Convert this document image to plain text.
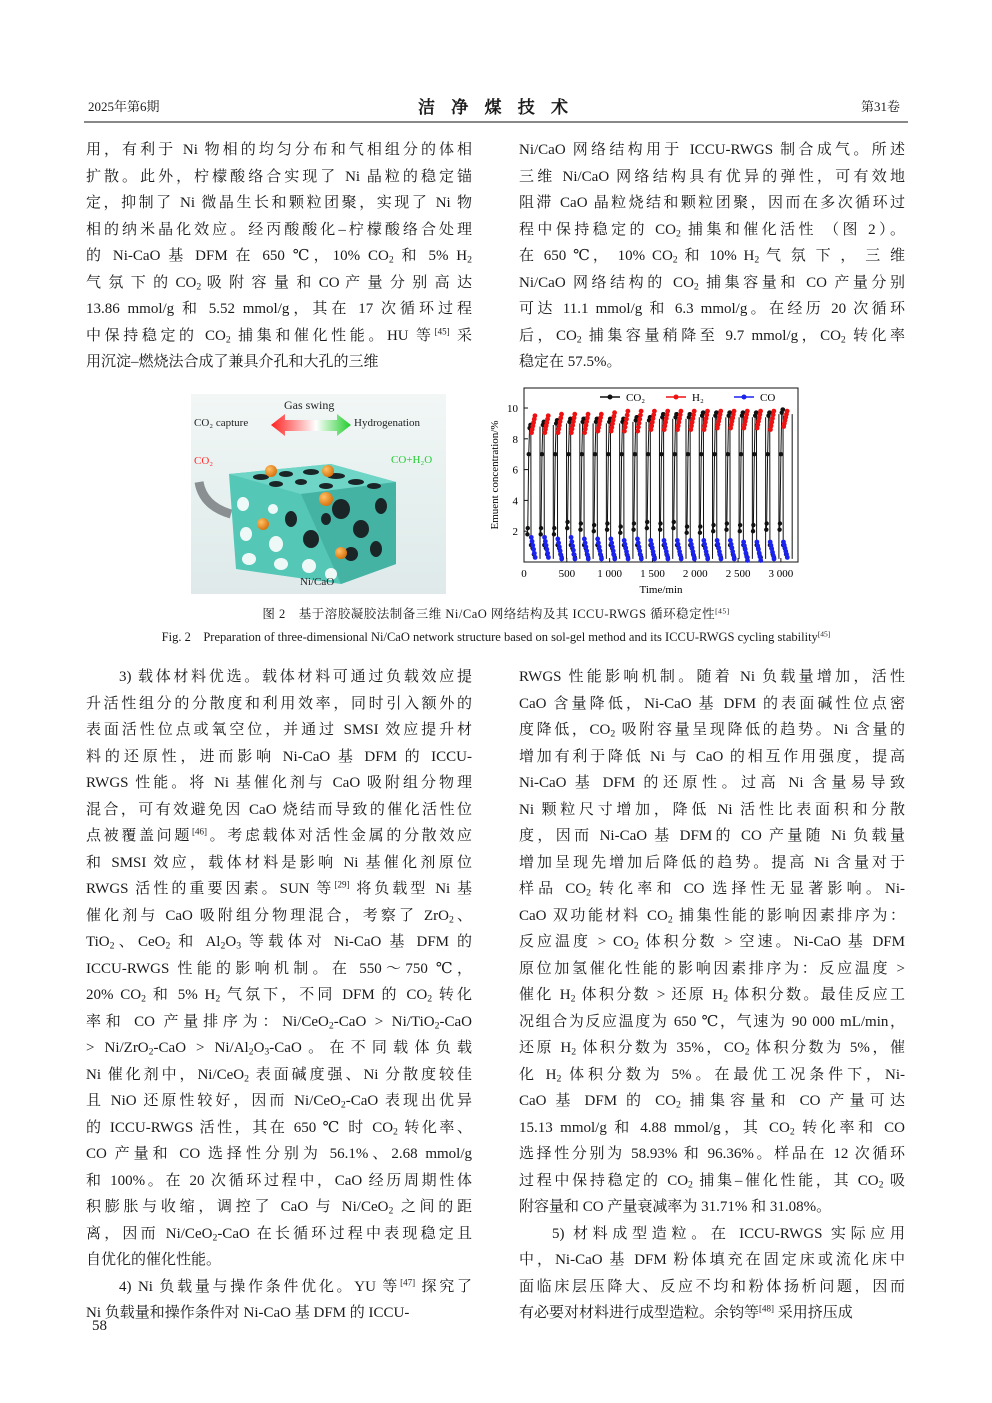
2025年第6期	洁 净 煤 技 术	第31卷
用，有利于 Ni 物相的均匀分布和气相组分的体相
扩散。此外，柠檬酸络合实现了 Ni 晶粒的稳定锚
定，抑制了 Ni 微晶生长和颗粒团聚，实现了 Ni 物
相的纳米晶化效应。经丙酸酸化–柠檬酸络合处理
的 Ni-CaO 基 DFM 在 650 ℃，10% $CO_2$ 和 5% $H_2$
气 氛 下 的 $CO_2$ 吸 附 容 量 和 CO 产 量 分 别 高 达
13.86 mmol/g 和 5.52 mmol/g，其在 17 次循环过程
中保持稳定的 $CO_2$ 捕集和催化性能。HU 等[45] 采
用沉淀–燃烧法合成了兼具介孔和大孔的三维
Ni/CaO 网络结构用于 ICCU-RWGS 制合成气。所述
三维 Ni/CaO 网络结构具有优异的弹性，可有效地
阻滞 CaO 晶粒烧结和颗粒团聚，因而在多次循环过
程中保持稳定的 $CO_2$ 捕集和催化活性 （图 2）。
在 650 ℃， 10% $CO_2$ 和 10% $H_2$ 气 氛 下 ， 三 维
Ni/CaO 网络结构的 $CO_2$ 捕集容量和 CO 产量分别
可达 11.1 mmol/g 和 6.3 mmol/g。在经历 20 次循环
后，$CO_2$ 捕集容量稍降至 9.7 mmol/g，$CO_2$ 转化率
稳定在 57.5%。
Gas swing
CO₂ capture	Hydrogenation
CO₂	CO+H₂O
Ni/CaO
0	500 1 000 1 500 2 000 2 500 3 000
2
4
6
8
10
Time/min
Emuent concentration/%
CO₂	H₂	CO
图 2　基于溶胶凝胶法制备三维 Ni/CaO 网络结构及其 ICCU-RWGS 循环稳定性[45]
Fig. 2　Preparation of three-dimensional Ni/CaO network structure based on sol-gel method and its ICCU-RWGS cycling stability[45]
3) 载体材料优选。载体材料可通过负载效应提
升活性组分的分散度和利用效率，同时引入额外的
表面活性位点或氧空位，并通过 SMSI 效应提升材
料的还原性，进而影响 Ni-CaO 基 DFM 的 ICCU-
RWGS 性能。将 Ni 基催化剂与 CaO 吸附组分物理
混合，可有效避免因 CaO 烧结而导致的催化活性位
点被覆盖问题[46]。考虑载体对活性金属的分散效应
和 SMSI 效应，载体材料是影响 Ni 基催化剂原位
RWGS 活性的重要因素。SUN 等[29] 将负载型 Ni 基
催化剂与 CaO 吸附组分物理混合，考察了 ZrO$_2$、
TiO$_2$、CeO$_2$ 和 $Al_2O_3$ 等载体对 Ni-CaO 基 DFM 的
ICCU-RWGS 性能的影响机制。在 550～750 ℃，
20% $CO_2$ 和 5% $H_2$ 气氛下，不同 DFM 的 $CO_2$ 转化
率和 CO 产量排序为：Ni/CeO$_2$-CaO > Ni/TiO$_2$-CaO
> $Ni/ZrO_2-CaO > Ni/Al_2O_3$-CaO。在不同载体负载
Ni 催化剂中，Ni/CeO$_2$ 表面碱度强、Ni 分散度较佳
且 NiO 还原性较好，因而 Ni/CeO$_2$-CaO 表现出优异
的 ICCU-RWGS 活性，其在 650 ℃ 时 $CO_2$ 转化率、
CO 产量和 CO 选择性分别为 56.1%、2.68 mmol/g
和 100%。在 20 次循环过程中，CaO 经历周期性体
积膨胀与收缩，调控了 CaO 与 Ni/CeO$_2$ 之间的距
离，因而 Ni/CeO$_2$-CaO 在长循环过程中表现稳定且
自优化的催化性能。
4) Ni 负载量与操作条件优化。YU 等[47] 探究了
Ni 负载量和操作条件对 Ni-CaO 基 DFM 的 ICCU-
RWGS 性能影响机制。随着 Ni 负载量增加，活性
CaO 含量降低，Ni-CaO 基 DFM 的表面碱性位点密
度降低，$CO_2$ 吸附容量呈现降低的趋势。Ni 含量的
增加有利于降低 Ni 与 CaO 的相互作用强度，提高
Ni-CaO 基 DFM 的还原性。过高 Ni 含量易导致
Ni 颗粒尺寸增加，降低 Ni 活性比表面积和分散
度，因而 Ni-CaO 基 DFM的 CO 产量随 Ni 负载量
增加呈现先增加后降低的趋势。提高 Ni 含量对于
样品 $CO_2$ 转化率和 CO 选择性无显著影响。Ni-
CaO 双功能材料 $CO_2$ 捕集性能的影响因素排序为：
反应温度 > $CO_2$ 体积分数 > 空速。Ni-CaO 基 DFM
原位加氢催化性能的影响因素排序为：反应温度 >
催化 $H_2$ 体积分数 > 还原 $H_2$ 体积分数。最佳反应工
况组合为反应温度为 650 ℃，气速为 90 000 mL/min，
还原 $H_2$ 体积分数为 35%，$CO_2$ 体积分数为 5%，催
化 $H_2$ 体积分数为 5%。在最优工况条件下，Ni-
CaO 基 DFM 的 $CO_2$ 捕集容量和 CO 产量可达
15.13 mmol/g 和 4.88 mmol/g，其 $CO_2$ 转化率和 CO
选择性分别为 58.93% 和 96.36%。样品在 12 次循环
过程中保持稳定的 $CO_2$ 捕集–催化性能，其 $CO_2$ 吸
附容量和 CO 产量衰减率为 31.71% 和 31.08%。
5) 材料成型造粒。在 ICCU-RWGS 实际应用
中，Ni-CaO 基 DFM 粉体填充在固定床或流化床中
面临床层压降大、反应不均和粉体扬析问题，因而
有必要对材料进行成型造粒。余钧等[48] 采用挤压成
58
